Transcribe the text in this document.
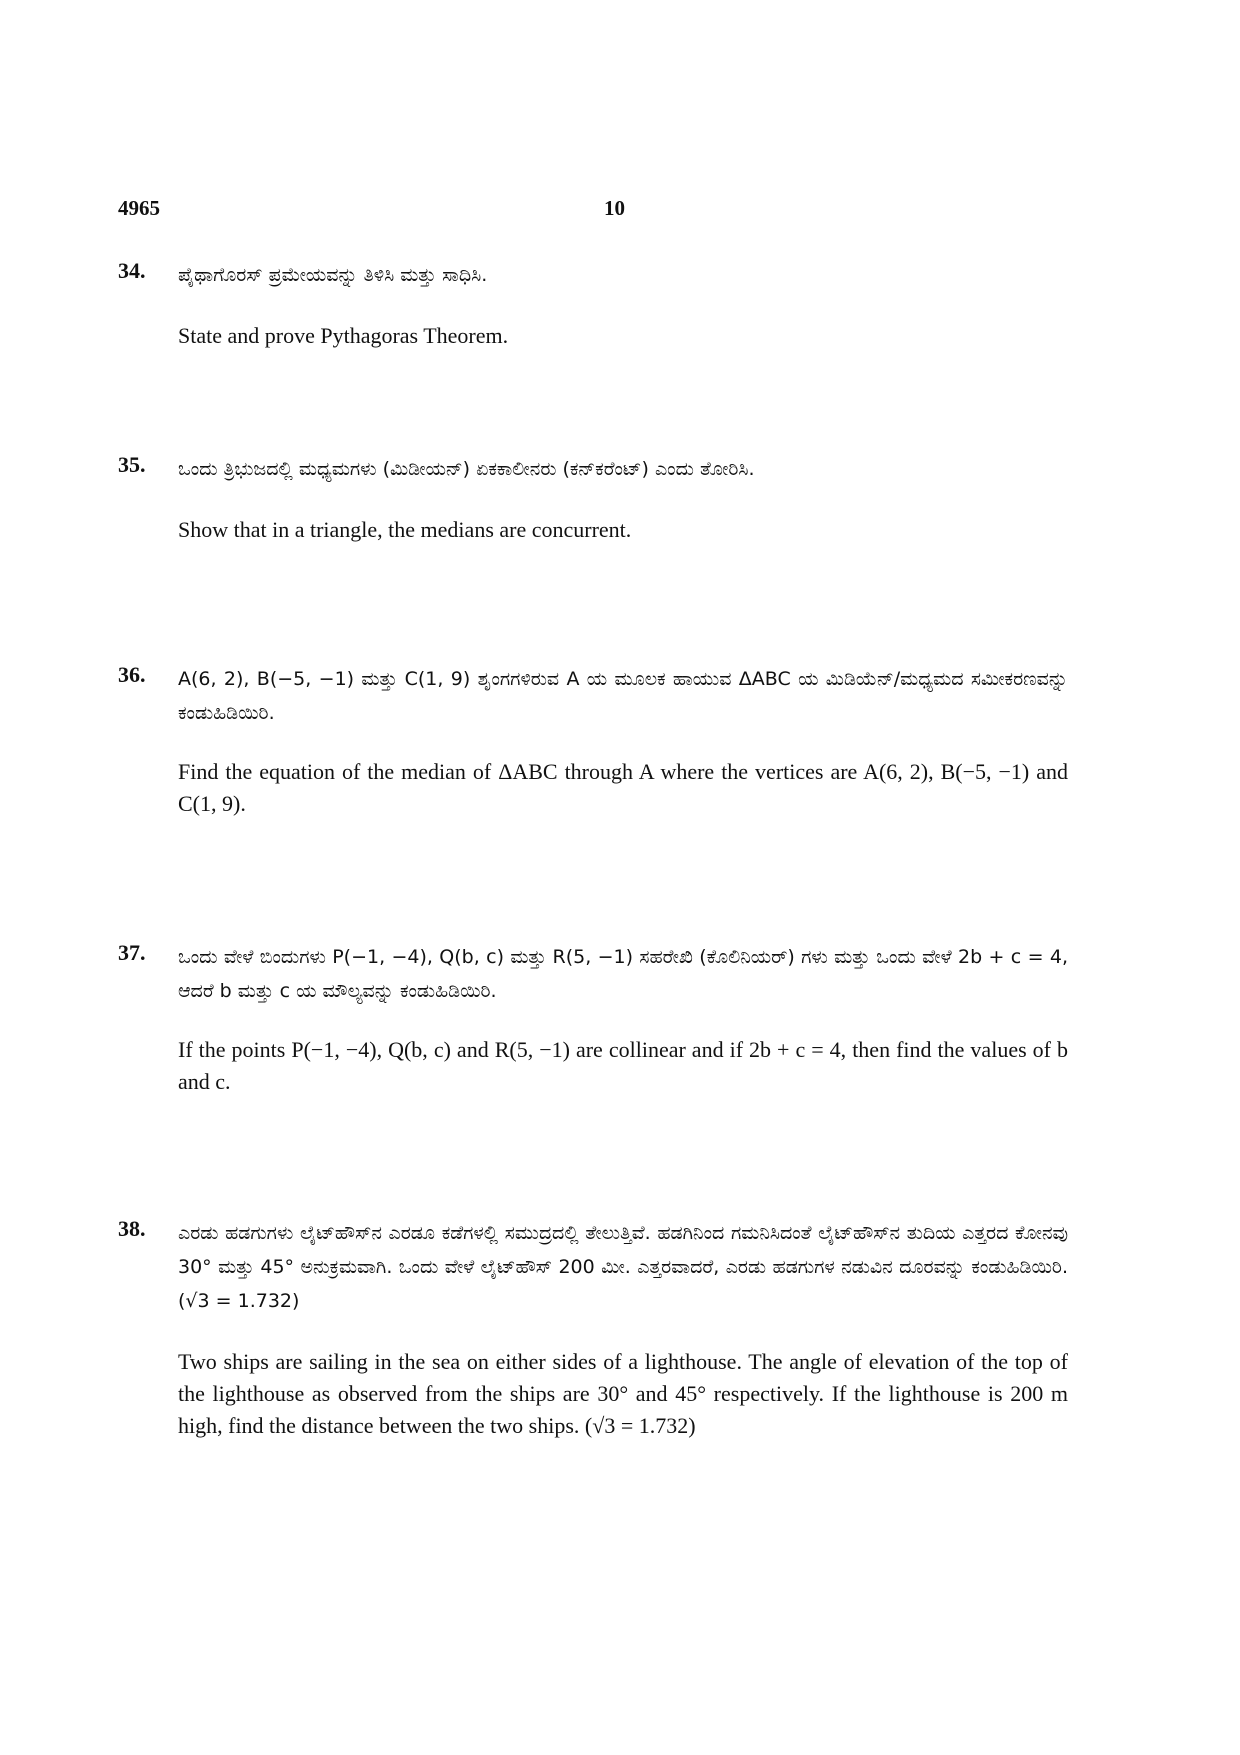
4965	10
34.	ಪೈಥಾಗೊರಸ್ ಪ್ರಮೇಯವನ್ನು ತಿಳಿಸಿ ಮತ್ತು ಸಾಧಿಸಿ.

State and prove Pythagoras Theorem.

35.	ಒಂದು ತ್ರಿಭುಜದಲ್ಲಿ ಮಧ್ಯಮಗಳು (ಮಿಡೀಯನ್) ಏಕಕಾಲೀನರು (ಕನ್‌ಕರೆಂಟ್) ಎಂದು ತೋರಿಸಿ.

Show that in a triangle, the medians are concurrent.

36.	A(6, 2), B(−5, −1) ಮತ್ತು C(1, 9) ಶೃಂಗಗಳಿರುವ A ಯ ಮೂಲಕ ಹಾಯುವ ΔABC ಯ ಮಿಡಿಯೆನ್/ಮಧ್ಯಮದ ಸಮೀಕರಣವನ್ನು ಕಂಡುಹಿಡಿಯಿರಿ.

Find the equation of the median of ΔABC through A where the vertices are A(6, 2), B(−5, −1) and C(1, 9).

37.	ಒಂದು ವೇಳೆ ಬಿಂದುಗಳು P(−1, −4), Q(b, c) ಮತ್ತು R(5, −1) ಸಹರೇಖಿ (ಕೊಲಿನಿಯರ್) ಗಳು ಮತ್ತು ಒಂದು ವೇಳೆ 2b + c = 4, ಆದರೆ b ಮತ್ತು c ಯ ಮೌಲ್ಯವನ್ನು ಕಂಡುಹಿಡಿಯಿರಿ.

If the points P(−1, −4), Q(b, c) and R(5, −1) are collinear and if 2b + c = 4, then find the values of b and c.

38.	ಎರಡು ಹಡಗುಗಳು ಲೈಟ್‌ಹೌಸ್‌ನ ಎರಡೂ ಕಡೆಗಳಲ್ಲಿ ಸಮುದ್ರದಲ್ಲಿ ತೇಲುತ್ತಿವೆ. ಹಡಗಿನಿಂದ ಗಮನಿಸಿದಂತೆ ಲೈಟ್‌ಹೌಸ್‌ನ ತುದಿಯ ಎತ್ತರದ ಕೋನವು 30° ಮತ್ತು 45° ಅನುಕ್ರಮವಾಗಿ. ಒಂದು ವೇಳೆ ಲೈಟ್‌ಹೌಸ್ 200 ಮೀ. ಎತ್ತರವಾದರೆ, ಎರಡು ಹಡಗುಗಳ ನಡುವಿನ ದೂರವನ್ನು ಕಂಡುಹಿಡಿಯಿರಿ. (√3 = 1.732)

Two ships are sailing in the sea on either sides of a lighthouse. The angle of elevation of the top of the lighthouse as observed from the ships are 30° and 45° respectively. If the lighthouse is 200 m high, find the distance between the two ships. (√3 = 1.732)
